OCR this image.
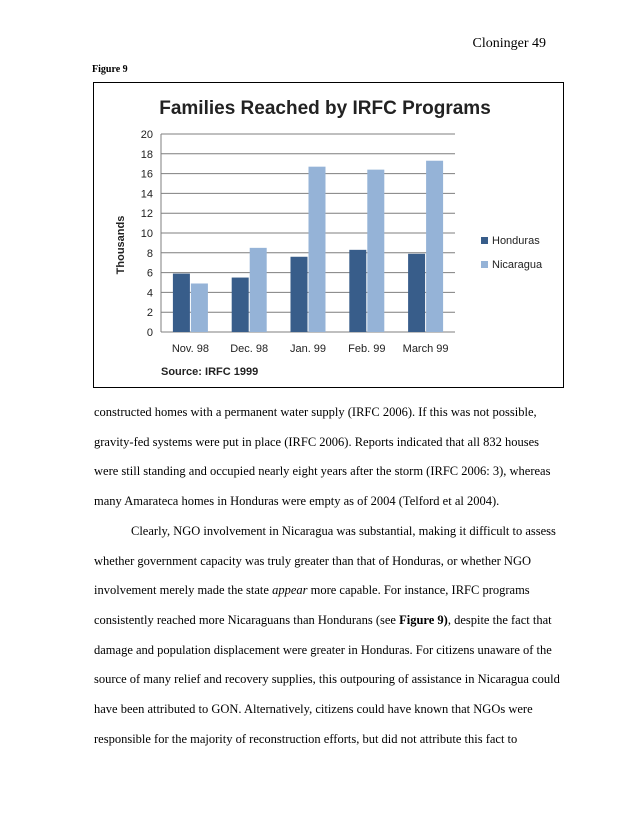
Cloninger 49
Figure 9
Families Reached by IRFC Programs
Thousands
0
2
4
6
8
10
12
14
16
18
20
Nov. 98 Dec. 98 Jan. 99 Feb. 99 March 99
Honduras
Nicaragua
Source: IRFC 1999

constructed homes with a permanent water supply (IRFC 2006). If this was not possible,
gravity-fed systems were put in place (IRFC 2006). Reports indicated that all 832 houses
were still standing and occupied nearly eight years after the storm (IRFC 2006: 3), whereas
many Amarateca homes in Honduras were empty as of 2004 (Telford et al 2004).

Clearly, NGO involvement in Nicaragua was substantial, making it difficult to assess
whether government capacity was truly greater than that of Honduras, or whether NGO
involvement merely made the state appear more capable. For instance, IRFC programs
consistently reached more Nicaraguans than Hondurans (see Figure 9), despite the fact that
damage and population displacement were greater in Honduras. For citizens unaware of the
source of many relief and recovery supplies, this outpouring of assistance in Nicaragua could
have been attributed to GON. Alternatively, citizens could have known that NGOs were
responsible for the majority of reconstruction efforts, but did not attribute this fact to
